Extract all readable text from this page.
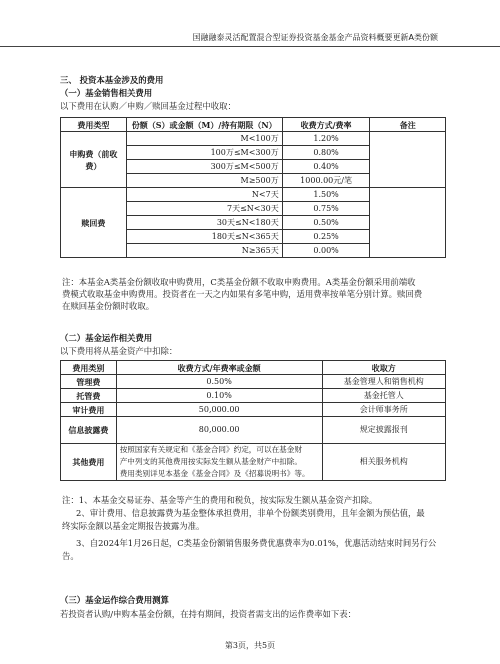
国融融泰灵活配置混合型证券投资基金基金产品资料概要更新A类份额
三、 投资本基金涉及的费用
（一）基金销售相关费用
以下费用在认购／申购／赎回基金过程中收取：
费用类型	份额（S）或金额（M）/持有期限（N）	收费方式/费率	备注
申购费（前收费）	M<100万	1.20%	
	100万≤M<300万	0.80%	
	300万≤M<500万	0.40%	
	M≥500万	1000.00元/笔	
赎回费	N<7天	1.50%	
	7天≤N<30天	0.75%	
	30天≤N<180天	0.50%	
	180天≤N<365天	0.25%	
	N≥365天	0.00%	
注：本基金A类基金份额收取申购费用，C类基金份额不收取申购费用。A类基金份额采用前端收
费模式收取基金申购费用。投资者在一天之内如果有多笔申购，适用费率按单笔分别计算。赎回费
在赎回基金份额时收取。
（二）基金运作相关费用
以下费用将从基金资产中扣除：
费用类别	收费方式/年费率或金额	收取方
管理费	0.50%	基金管理人和销售机构
托管费	0.10%	基金托管人
审计费用	50,000.00	会计师事务所
信息披露费	80,000.00	规定披露报刊
其他费用	按照国家有关规定和《基金合同》约定，可以在基金财
产中列支的其他费用按实际发生额从基金财产中扣除。
费用类别详见本基金《基金合同》及《招募说明书》等。	相关服务机构
注：1、本基金交易证券、基金等产生的费用和税负，按实际发生额从基金资产扣除。
2、审计费用、信息披露费为基金整体承担费用，非单个份额类别费用，且年金额为预估值，最
终实际金额以基金定期报告披露为准。
3、自2024年1月26日起，C类基金份额销售服务费优惠费率为0.01%，优惠活动结束时间另行公
告。
（三）基金运作综合费用测算
若投资者认购/申购本基金份额，在持有期间，投资者需支出的运作费率如下表：
第3页，共5页
